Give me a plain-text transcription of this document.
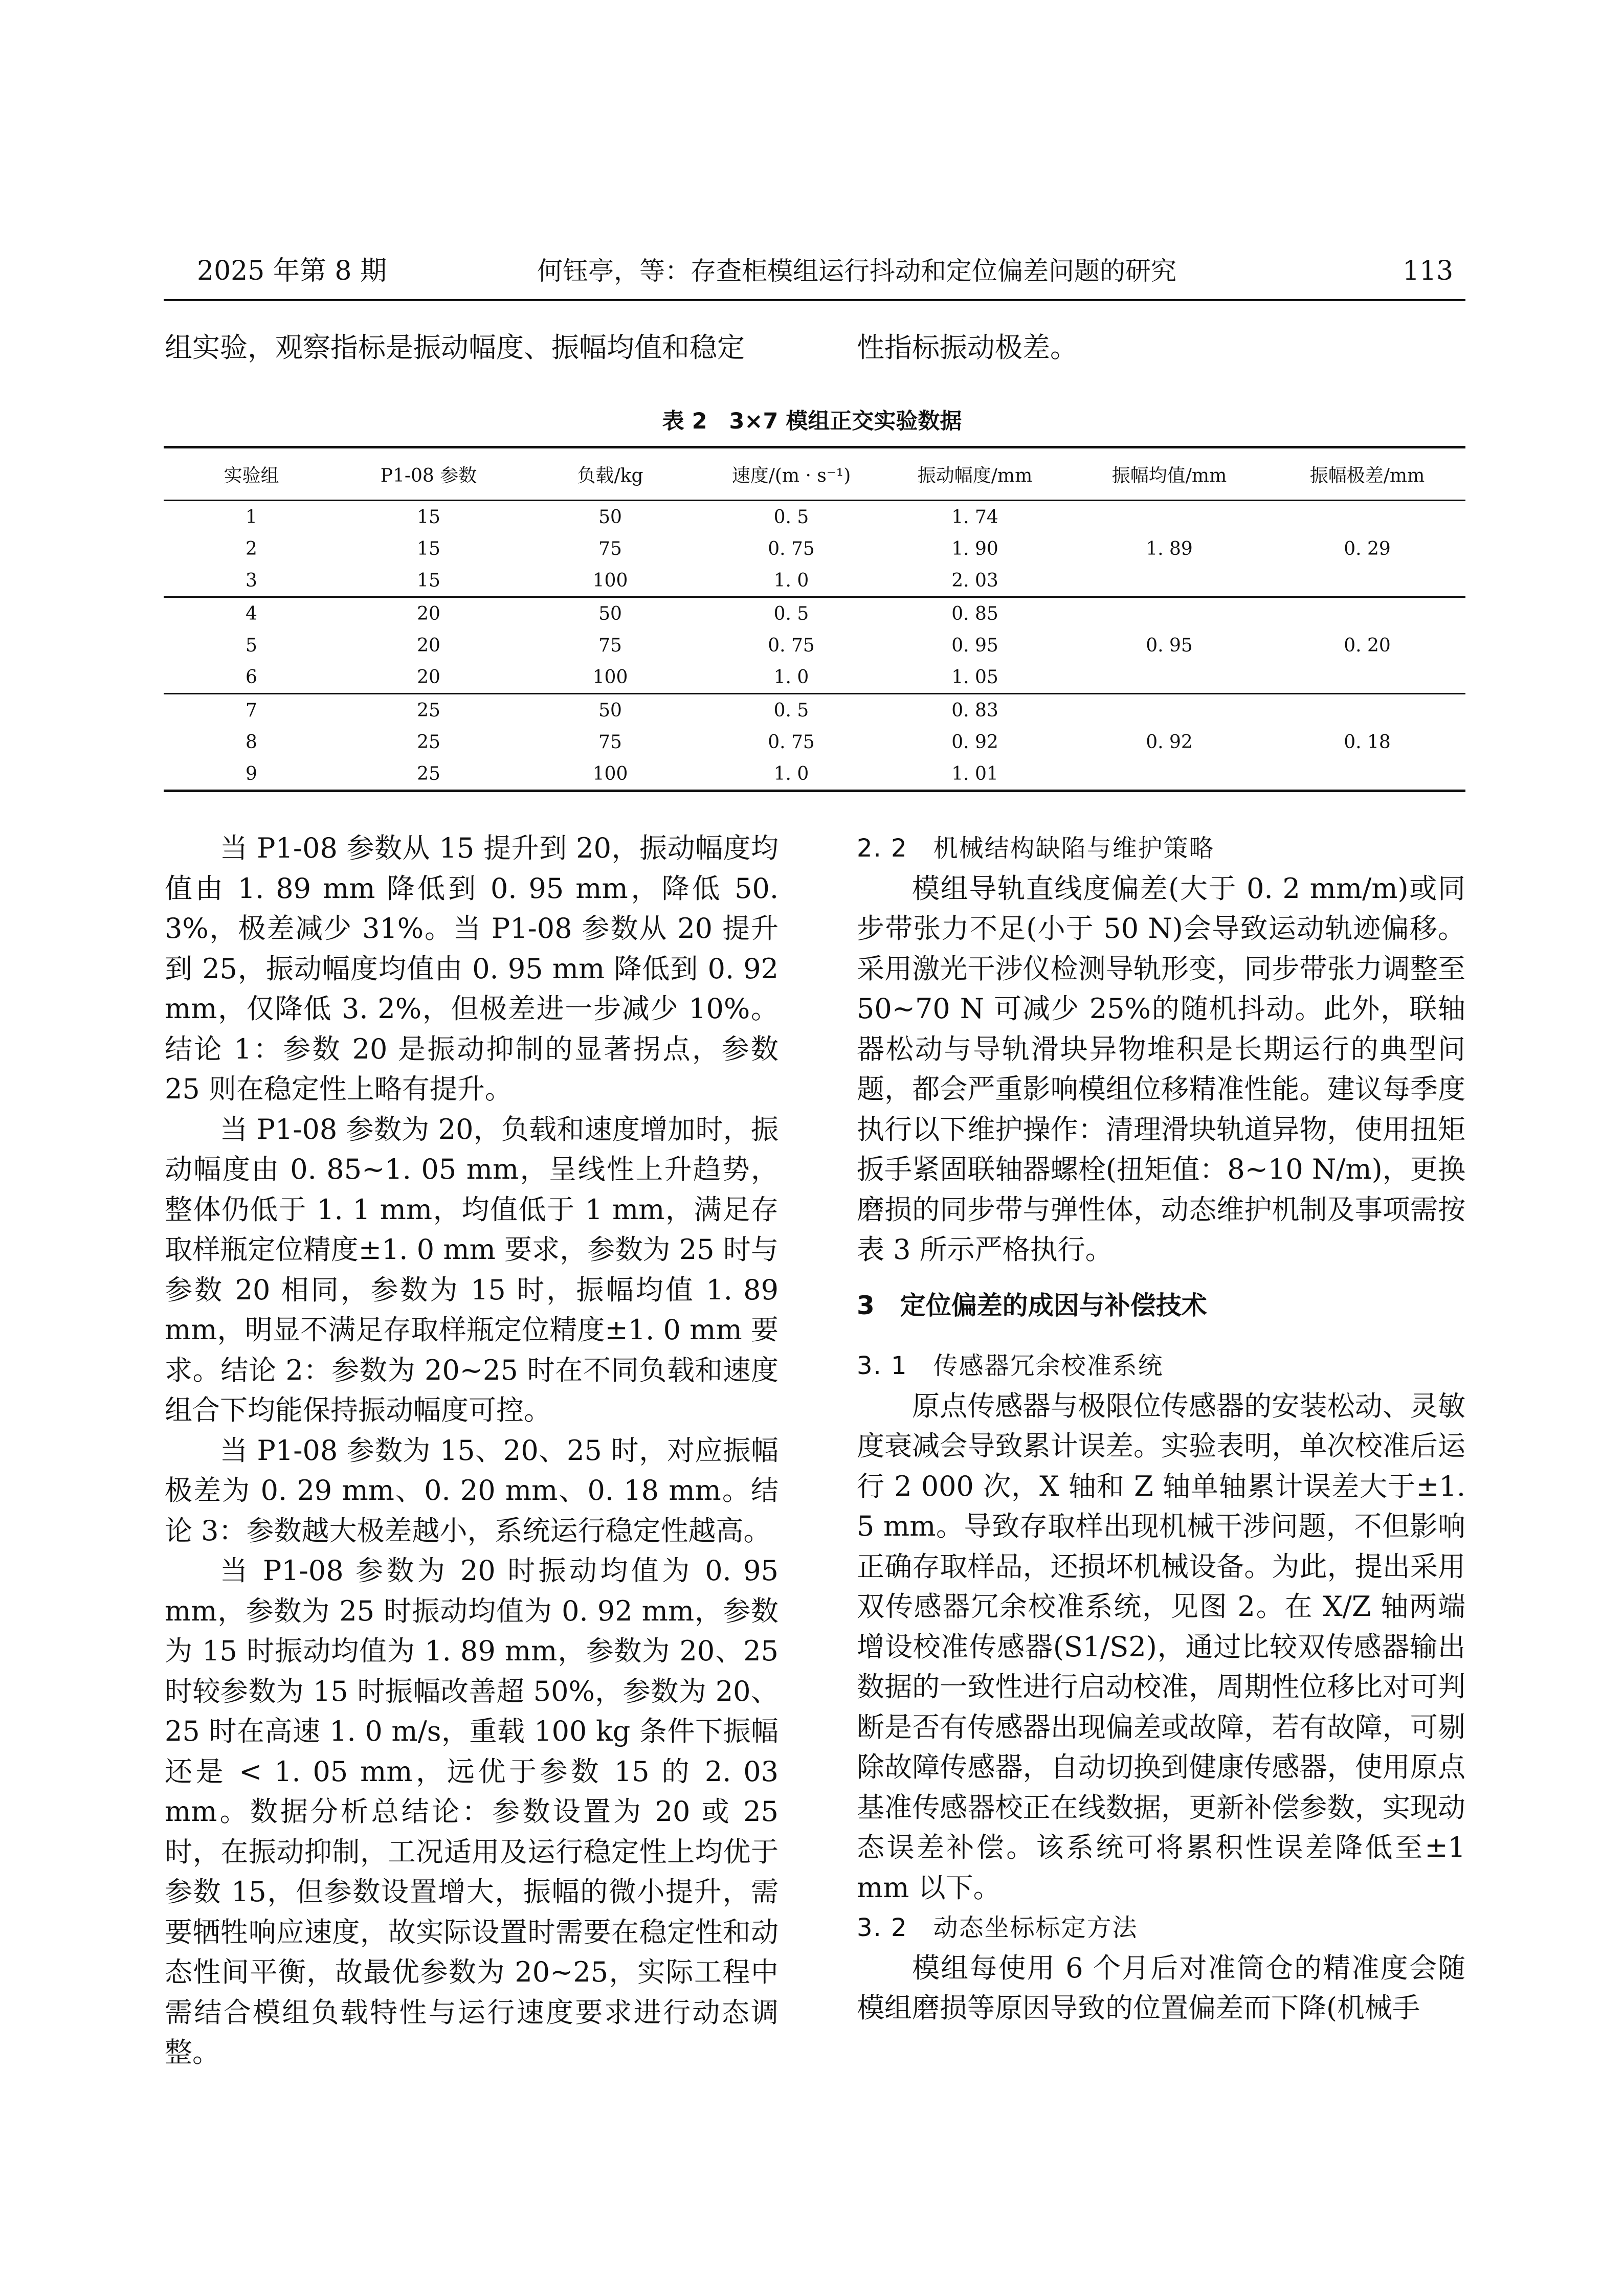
2025 年第 8 期	何钰亭，等：存查柜模组运行抖动和定位偏差问题的研究	113
组实验，观察指标是振动幅度、振幅均值和稳定	性指标振动极差。
表 2　3×7 模组正交实验数据
实验组	P1-08 参数	负载/kg	速度/(m · s⁻¹)	振动幅度/mm	振幅均值/mm	振幅极差/mm
1	15	50	0. 5	1. 74
2	15	75	0. 75	1. 90	1. 89	0. 29
3	15	100	1. 0	2. 03
4	20	50	0. 5	0. 85
5	20	75	0. 75	0. 95	0. 95	0. 20
6	20	100	1. 0	1. 05
7	25	50	0. 5	0. 83
8	25	75	0. 75	0. 92	0. 92	0. 18
9	25	100	1. 0	1. 01

当 P1-08 参数从 15 提升到 20，振动幅度均值由 1. 89 mm 降低到 0. 95 mm，降低 50. 3%，极差减少 31%。当 P1-08 参数从 20 提升到 25，振动幅度均值由 0. 95 mm 降低到 0. 92 mm，仅降低 3. 2%，但极差进一步减少 10%。结论 1：参数 20 是振动抑制的显著拐点，参数 25 则在稳定性上略有提升。

当 P1-08 参数为 20，负载和速度增加时，振动幅度由 0. 85~1. 05 mm，呈线性上升趋势，整体仍低于 1. 1 mm，均值低于 1 mm，满足存取样瓶定位精度±1. 0 mm 要求，参数为 25 时与参数 20 相同，参数为 15 时，振幅均值 1. 89 mm，明显不满足存取样瓶定位精度±1. 0 mm 要求。结论 2：参数为 20~25 时在不同负载和速度组合下均能保持振动幅度可控。

当 P1-08 参数为 15、20、25 时，对应振幅极差为 0. 29 mm、0. 20 mm、0. 18 mm。结论 3：参数越大极差越小，系统运行稳定性越高。

当 P1-08 参数为 20 时振动均值为 0. 95 mm，参数为 25 时振动均值为 0. 92 mm，参数为 15 时振动均值为 1. 89 mm，参数为 20、25 时较参数为 15 时振幅改善超 50%，参数为 20、25 时在高速 1. 0 m/s，重载 100 kg 条件下振幅还是 < 1. 05 mm，远优于参数 15 的 2. 03 mm。数据分析总结论：参数设置为 20 或 25 时，在振动抑制，工况适用及运行稳定性上均优于参数 15，但参数设置增大，振幅的微小提升，需要牺牲响应速度，故实际设置时需要在稳定性和动态性间平衡，故最优参数为 20~25，实际工程中需结合模组负载特性与运行速度要求进行动态调整。

2. 2　机械结构缺陷与维护策略

模组导轨直线度偏差(大于 0. 2 mm/m)或同步带张力不足(小于 50 N)会导致运动轨迹偏移。采用激光干涉仪检测导轨形变，同步带张力调整至 50~70 N 可减少 25%的随机抖动。此外，联轴器松动与导轨滑块异物堆积是长期运行的典型问题，都会严重影响模组位移精准性能。建议每季度执行以下维护操作：清理滑块轨道异物，使用扭矩扳手紧固联轴器螺栓(扭矩值：8~10 N/m)，更换磨损的同步带与弹性体，动态维护机制及事项需按表 3 所示严格执行。

3　定位偏差的成因与补偿技术
3. 1　传感器冗余校准系统

原点传感器与极限位传感器的安装松动、灵敏度衰减会导致累计误差。实验表明，单次校准后运行 2 000 次，X 轴和 Z 轴单轴累计误差大于±1. 5 mm。导致存取样出现机械干涉问题，不但影响正确存取样品，还损坏机械设备。为此，提出采用双传感器冗余校准系统，见图 2。在 X/Z 轴两端增设校准传感器(S1/S2)，通过比较双传感器输出数据的一致性进行启动校准，周期性位移比对可判断是否有传感器出现偏差或故障，若有故障，可剔除故障传感器，自动切换到健康传感器，使用原点基准传感器校正在线数据，更新补偿参数，实现动态误差补偿。该系统可将累积性误差降低至±1 mm 以下。

3. 2　动态坐标标定方法

模组每使用 6 个月后对准筒仓的精准度会随模组磨损等原因导致的位置偏差而下降(机械手
